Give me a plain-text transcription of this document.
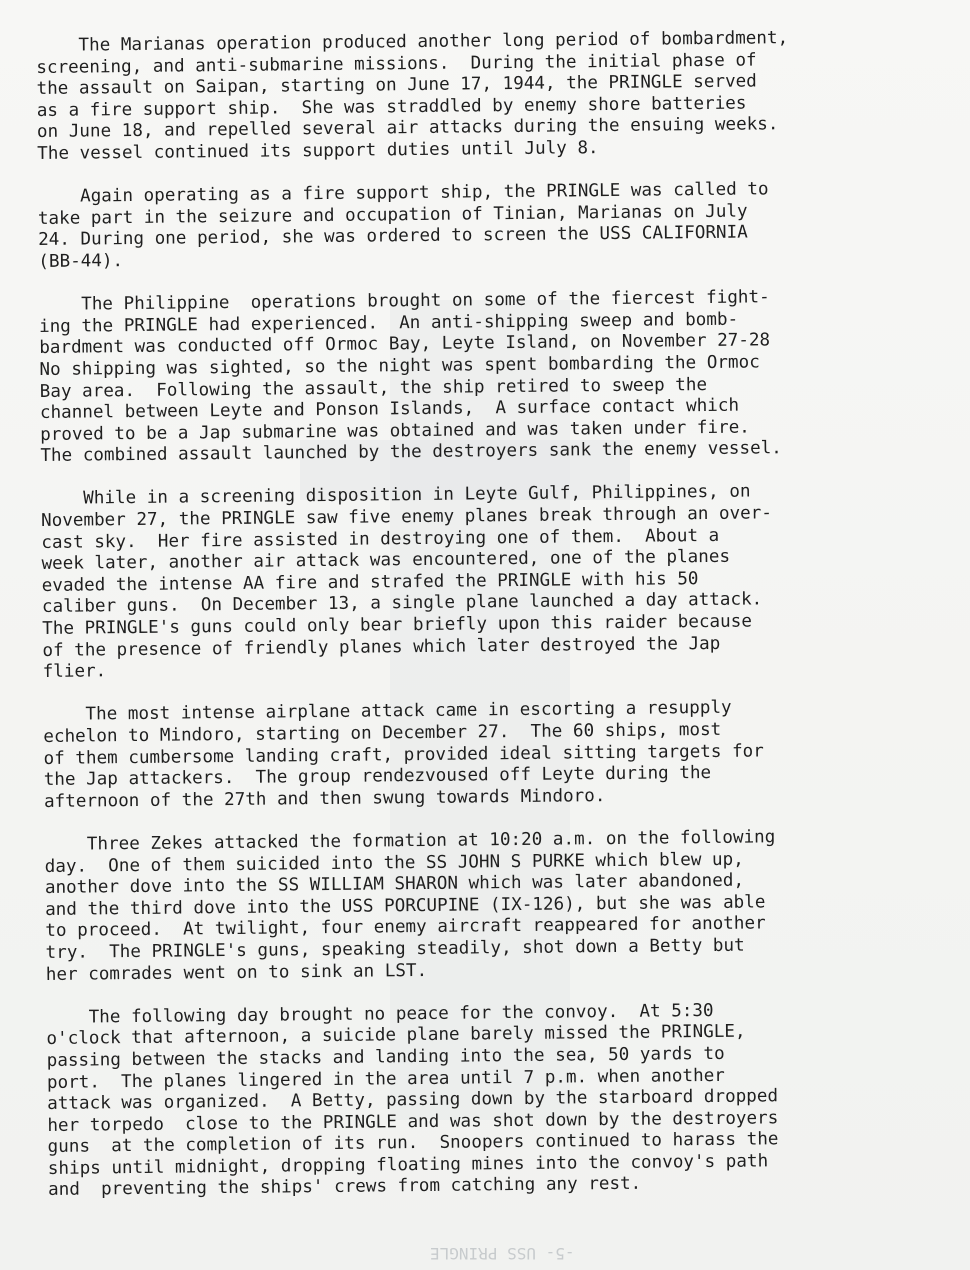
The Marianas operation produced another long period of bombardment,
screening, and anti-submarine missions.  During the initial phase of
the assault on Saipan, starting on June 17, 1944, the PRINGLE served
as a fire support ship.  She was straddled by enemy shore batteries
on June 18, and repelled several air attacks during the ensuing weeks.
The vessel continued its support duties until July 8.

Again operating as a fire support ship, the PRINGLE was called to
take part in the seizure and occupation of Tinian, Marianas on July
24. During one period, she was ordered to screen the USS CALIFORNIA
(BB-44).

The Philippine  operations brought on some of the fiercest fight-
ing the PRINGLE had experienced.  An anti-shipping sweep and bomb-
bardment was conducted off Ormoc Bay, Leyte Island, on November 27-28
No shipping was sighted, so the night was spent bombarding the Ormoc
Bay area.  Following the assault, the ship retired to sweep the
channel between Leyte and Ponson Islands,  A surface contact which
proved to be a Jap submarine was obtained and was taken under fire.
The combined assault launched by the destroyers sank the enemy vessel.

While in a screening disposition in Leyte Gulf, Philippines, on
November 27, the PRINGLE saw five enemy planes break through an over-
cast sky.  Her fire assisted in destroying one of them.  About a
week later, another air attack was encountered, one of the planes
evaded the intense AA fire and strafed the PRINGLE with his 50
caliber guns.  On December 13, a single plane launched a day attack.
The PRINGLE's guns could only bear briefly upon this raider because
of the presence of friendly planes which later destroyed the Jap
flier.

The most intense airplane attack came in escorting a resupply
echelon to Mindoro, starting on December 27.  The 60 ships, most
of them cumbersome landing craft, provided ideal sitting targets for
the Jap attackers.  The group rendezvoused off Leyte during the
afternoon of the 27th and then swung towards Mindoro.

Three Zekes attacked the formation at 10:20 a.m. on the following
day.  One of them suicided into the SS JOHN S PURKE which blew up,
another dove into the SS WILLIAM SHARON which was later abandoned,
and the third dove into the USS PORCUPINE (IX-126), but she was able
to proceed.  At twilight, four enemy aircraft reappeared for another
try.  The PRINGLE's guns, speaking steadily, shot down a Betty but
her comrades went on to sink an LST.

The following day brought no peace for the convoy.  At 5:30
o'clock that afternoon, a suicide plane barely missed the PRINGLE,
passing between the stacks and landing into the sea, 50 yards to
port.  The planes lingered in the area until 7 p.m. when another
attack was organized.  A Betty, passing down by the starboard dropped
her torpedo  close to the PRINGLE and was shot down by the destroyers
guns  at the completion of its run.  Snoopers continued to harass the
ships until midnight, dropping floating mines into the convoy's path
and  preventing the ships' crews from catching any rest.

-5- USS PRINGLE
